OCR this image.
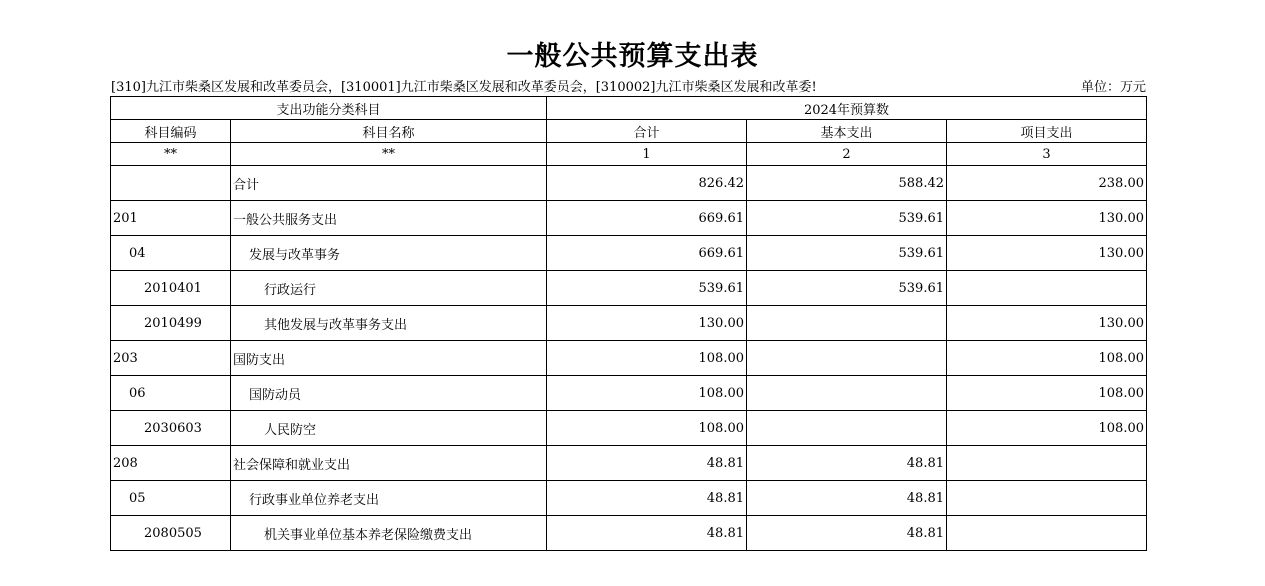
一般公共预算支出表
[310]九江市柴桑区发展和改革委员会，[310001]九江市柴桑区发展和改革委员会，[310002]九江市柴桑区发展和改革委!	单位：万元
支出功能分类科目		2024年预算数		
科目编码	科目名称	合计	基本支出	项目支出
**	**	1	2	3
	合计	826.42	588.42	238.00
201	一般公共服务支出	669.61	539.61	130.00
04	发展与改革事务	669.61	539.61	130.00
2010401	行政运行	539.61	539.61	
2010499	其他发展与改革事务支出	130.00		130.00
203	国防支出	108.00		108.00
06	国防动员	108.00		108.00
2030603	人民防空	108.00		108.00
208	社会保障和就业支出	48.81	48.81	
05	行政事业单位养老支出	48.81	48.81	
2080505	机关事业单位基本养老保险缴费支出	48.81	48.81	
